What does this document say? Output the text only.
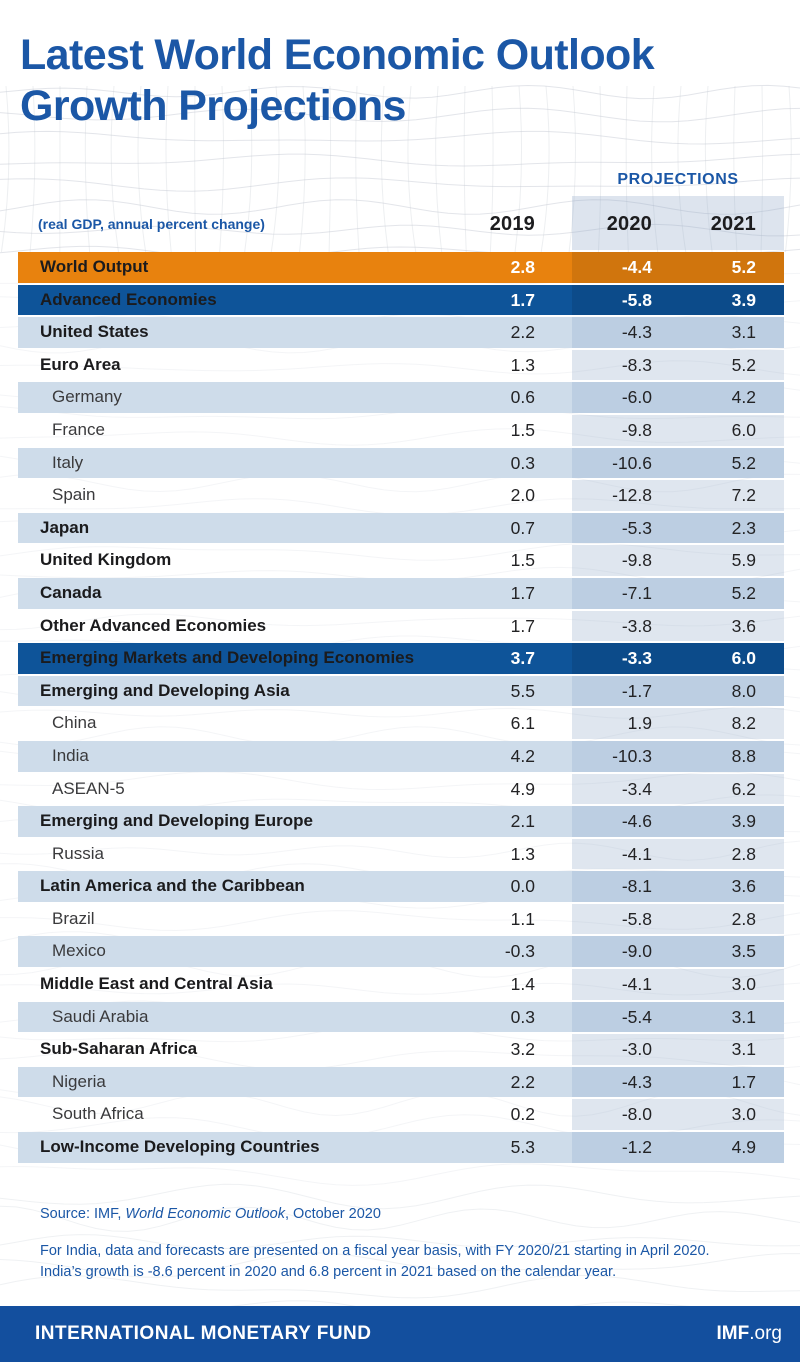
Latest World Economic Outlook
Growth Projections
PROJECTIONS
(real GDP, annual percent change)	2019	2020	2021
World Output	2.8	-4.4	5.2
Advanced Economies	1.7	-5.8	3.9
United States	2.2	-4.3	3.1
Euro Area	1.3	-8.3	5.2
Germany	0.6	-6.0	4.2
France	1.5	-9.8	6.0
Italy	0.3	-10.6	5.2
Spain	2.0	-12.8	7.2
Japan	0.7	-5.3	2.3
United Kingdom	1.5	-9.8	5.9
Canada	1.7	-7.1	5.2
Other Advanced Economies	1.7	-3.8	3.6
Emerging Markets and Developing Economies	3.7	-3.3	6.0
Emerging and Developing Asia	5.5	-1.7	8.0
China	6.1	1.9	8.2
India	4.2	-10.3	8.8
ASEAN-5	4.9	-3.4	6.2
Emerging and Developing Europe	2.1	-4.6	3.9
Russia	1.3	-4.1	2.8
Latin America and the Caribbean	0.0	-8.1	3.6
Brazil	1.1	-5.8	2.8
Mexico	-0.3	-9.0	3.5
Middle East and Central Asia	1.4	-4.1	3.0
Saudi Arabia	0.3	-5.4	3.1
Sub-Saharan Africa	3.2	-3.0	3.1
Nigeria	2.2	-4.3	1.7
South Africa	0.2	-8.0	3.0
Low-Income Developing Countries	5.3	-1.2	4.9
Source: IMF, World Economic Outlook, October 2020
For India, data and forecasts are presented on a fiscal year basis, with FY 2020/21 starting in April 2020.
India’s growth is -8.6 percent in 2020 and 6.8 percent in 2021 based on the calendar year.
INTERNATIONAL MONETARY FUND	IMF.org
